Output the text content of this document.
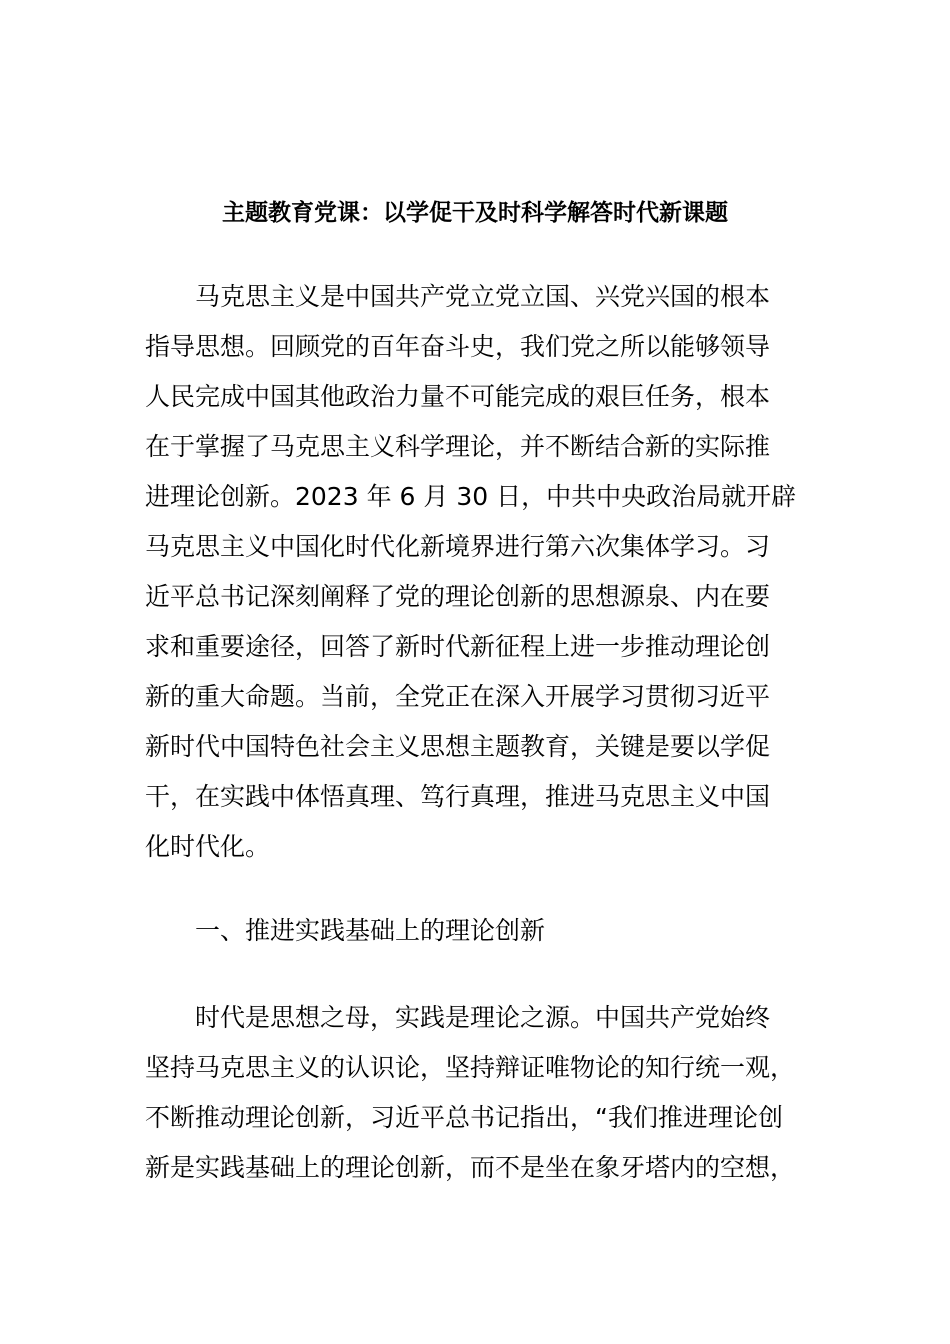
主题教育党课：以学促干及时科学解答时代新课题
马克思主义是中国共产党立党立国、兴党兴国的根本
指导思想。回顾党的百年奋斗史，我们党之所以能够领导
人民完成中国其他政治力量不可能完成的艰巨任务，根本
在于掌握了马克思主义科学理论，并不断结合新的实际推
进理论创新。2023 年 6 月 30 日，中共中央政治局就开辟
马克思主义中国化时代化新境界进行第六次集体学习。习
近平总书记深刻阐释了党的理论创新的思想源泉、内在要
求和重要途径，回答了新时代新征程上进一步推动理论创
新的重大命题。当前，全党正在深入开展学习贯彻习近平
新时代中国特色社会主义思想主题教育，关键是要以学促
干，在实践中体悟真理、笃行真理，推进马克思主义中国
化时代化。
一、推进实践基础上的理论创新
时代是思想之母，实践是理论之源。中国共产党始终
坚持马克思主义的认识论，坚持辩证唯物论的知行统一观，
不断推动理论创新，习近平总书记指出，“我们推进理论创
新是实践基础上的理论创新，而不是坐在象牙塔内的空想，
